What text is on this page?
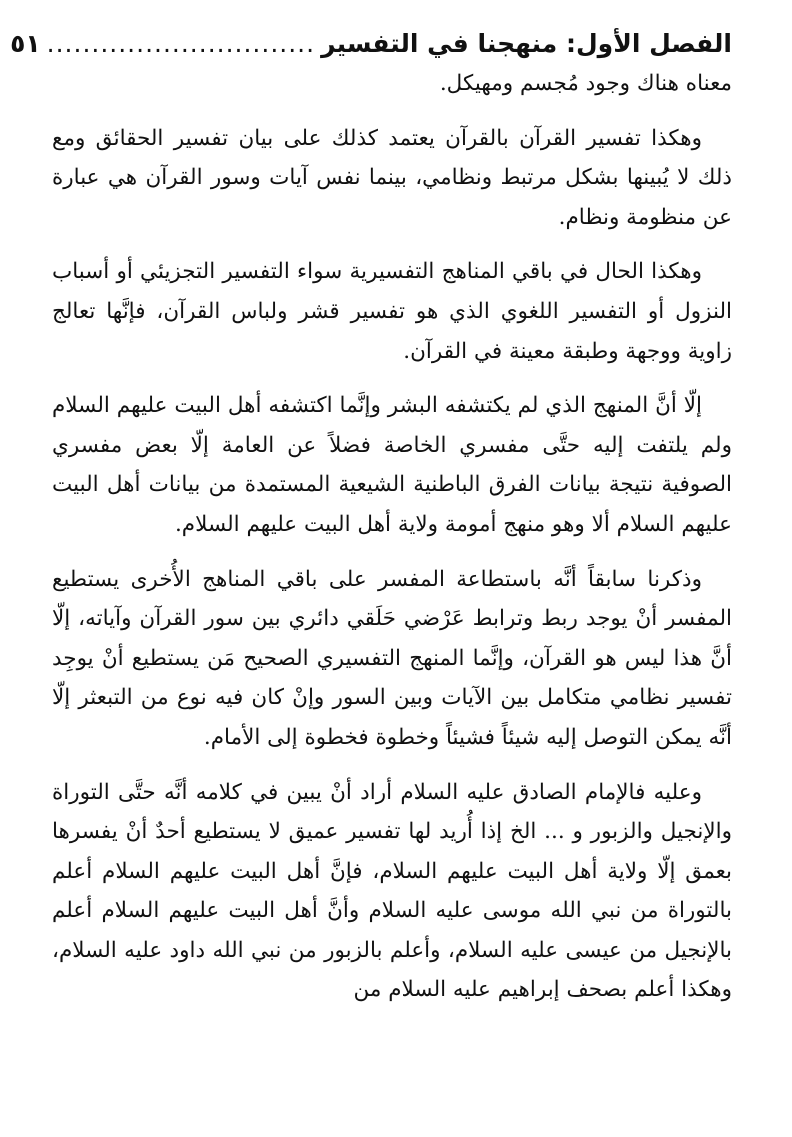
الفصل الأول: منهجنا في التفسير
..............................
٥١

معناه هناك وجود مُجسم ومهيكل.

وهكذا تفسير القرآن بالقرآن يعتمد كذلك على بيان تفسير الحقائق ومع ذلك لا يُبينها بشكل مرتبط ونظامي، بينما نفس آيات وسور القرآن هي عبارة عن منظومة ونظام.

وهكذا الحال في باقي المناهج التفسيرية سواء التفسير التجزيئي أو أسباب النزول أو التفسير اللغوي الذي هو تفسير قشر ولباس القرآن، فإنَّها تعالج زاوية ووجهة وطبقة معينة في القرآن.

إلّا أنَّ المنهج الذي لم يكتشفه البشر وإنَّما اكتشفه أهل البيت عليهم السلام ولم يلتفت إليه حتَّى مفسري الخاصة فضلاً عن العامة إلّا بعض مفسري الصوفية نتيجة بيانات الفرق الباطنية الشيعية المستمدة من بيانات أهل البيت عليهم السلام ألا وهو منهج أمومة ولاية أهل البيت عليهم السلام.

وذكرنا سابقاً أنَّه باستطاعة المفسر على باقي المناهج الأُخرى يستطيع المفسر أنْ يوجد ربط وترابط عَرْضي حَلَقي دائري بين سور القرآن وآياته، إلّا أنَّ هذا ليس هو القرآن، وإنَّما المنهج التفسيري الصحيح مَن يستطيع أنْ يوجِد تفسير نظامي متكامل بين الآيات وبين السور وإنْ كان فيه نوع من التبعثر إلّا أنَّه يمكن التوصل إليه شيئاً فشيئاً وخطوة فخطوة إلى الأمام.

وعليه فالإمام الصادق عليه السلام أراد أنْ يبين في كلامه أنَّه حتَّى التوراة والإنجيل والزبور و ... الخ إذا أُريد لها تفسير عميق لا يستطيع أحدٌ أنْ يفسرها بعمق إلّا ولاية أهل البيت عليهم السلام، فإنَّ أهل البيت عليهم السلام أعلم بالتوراة من نبي الله موسى عليه السلام وأنَّ أهل البيت عليهم السلام أعلم بالإنجيل من عيسى عليه السلام، وأعلم بالزبور من نبي الله داود عليه السلام، وهكذا أعلم بصحف إبراهيم عليه السلام من
